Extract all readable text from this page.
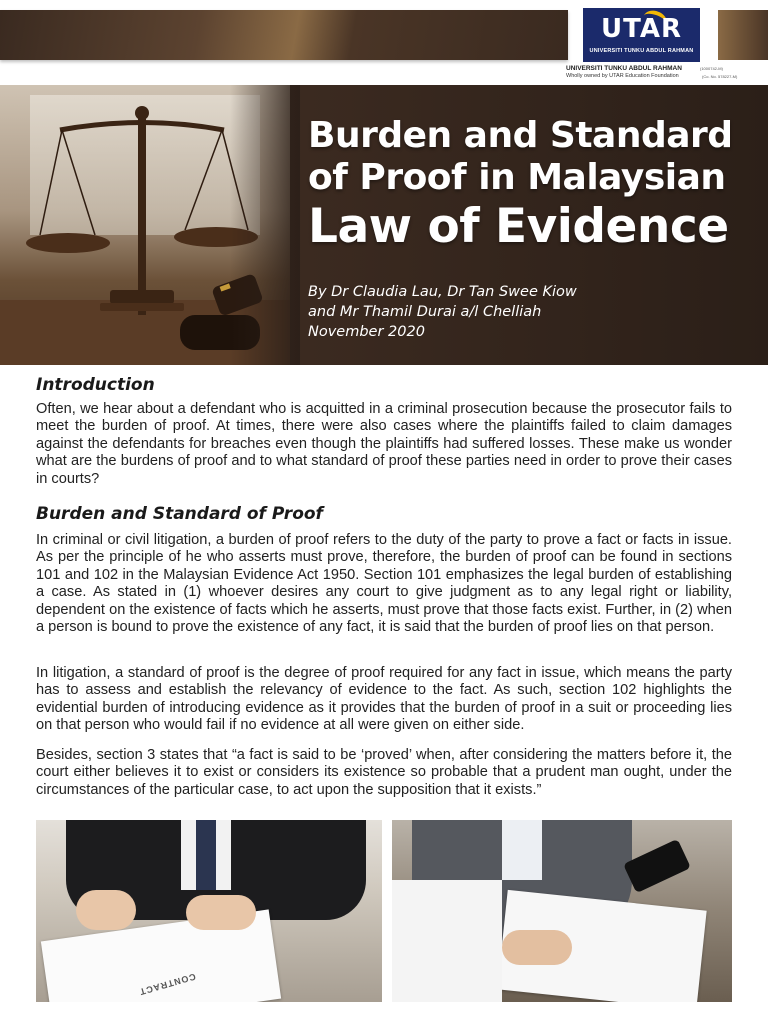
UTAR
UNIVERSITI TUNKU ABDUL RAHMAN
UNIVERSITI TUNKU ABDUL RAHMAN
Wholly owned by UTAR Education Foundation
(1000742-M)
(Co. No. 578227-M)
Burden and Standard
of Proof in Malaysian
Law of Evidence
By Dr Claudia Lau, Dr Tan Swee Kiow
and Mr Thamil Durai a/l Chelliah
November 2020
Introduction

Often, we hear about a defendant who is acquitted in a criminal prosecution because the prosecutor fails to meet the burden of proof. At times, there were also cases where the plaintiffs failed to claim damages against the defendants for breaches even though the plaintiffs had suffered losses. These make us wonder what are the burdens of proof and to what standard of proof these parties need in order to prove their cases in courts?

Burden and Standard of Proof

In criminal or civil litigation, a burden of proof refers to the duty of the party to prove a fact or facts in issue. As per the principle of he who asserts must prove, therefore, the burden of proof can be found in sections 101 and 102 in the Malaysian Evidence Act 1950. Section 101 emphasizes the legal burden of establishing a case. As stated in (1) whoever desires any court to give judgment as to any legal right or liability, dependent on the existence of facts which he asserts, must prove that those facts exist. Further, in (2) when a person is bound to prove the existence of any fact, it is said that the burden of proof lies on that person.

In litigation, a standard of proof is the degree of proof required for any fact in issue, which means the party has to assess and establish the relevancy of evidence to the fact. As such, section 102 highlights the evidential burden of introducing evidence as it provides that the burden of proof in a suit or proceeding lies on that person who would fail if no evidence at all were given on either side.

Besides, section 3 states that “a fact is said to be ‘proved’ when, after considering the matters before it, the court either believes it to exist or considers its existence so probable that a prudent man ought, under the circumstances of the particular case, to act upon the supposition that it exists.”

CONTRACT
